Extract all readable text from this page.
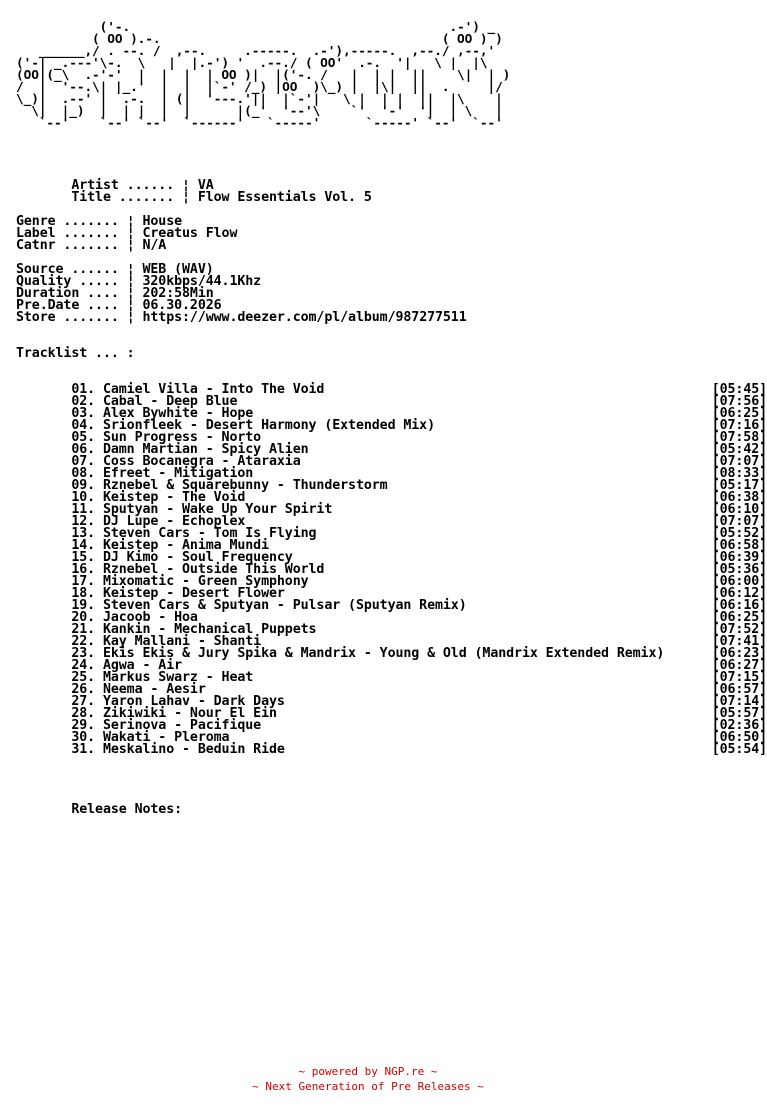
('-.                                          .-') _
( OO ).-.                                     ( OO ) )
______,/ . --. /  ,--.     .-----.  .-'),-----.  ,--./ ,--,'
('-| _.---'\-.  \   |  |.-') '  .--./ ( OO'  .-.  '|   \ |  |\
(OO|(_\  .-'-'  |  |  |  | OO )|  |('-. /   |  | |  ||    \|  | )
/  |  '--.\| |_.'  |  |  |`-' /_) |OO  )\_) |  |\|  ||  .     |/
\_)|  .--' |  .-.  | (|  '---.'||  |`-'|   \ |  | |  ||  |\    |
\|  |_)  |  | |  |  |      |(_'  '--'\    `'  '-'  '|  | \   |
`--'    `--' `--'  `------'   `-----'      `-----' `--'  `--'

Artist ...... ¦ VA
Title ....... ¦ Flow Essentials Vol. 5

Genre ....... ¦ House
Label ....... ¦ Creatus Flow
Catnr ....... ¦ N/A

Source ...... ¦ WEB (WAV)
Quality ..... ¦ 320kbps/44.1Khz
Duration .... ¦ 202:58Min
Pre.Date .... ¦ 06.30.2026
Store ....... ¦ https://www.deezer.com/pl/album/987277511

Tracklist ... :
01. Camiel Villa - Into The Void	[05:45]
02. Cabal - Deep Blue	[07:56]
03. Alex Bywhite - Hope	[06:25]
04. Srionfleek - Desert Harmony (Extended Mix)	[07:16]
05. Sun Progress - Norto	[07:58]
06. Damn Martian - Spicy Alien	[05:42]
07. Coss Bocanegra - Ataraxia	[07:07]
08. Efreet - Mitigation	[08:33]
09. Rznebel & Squarebunny - Thunderstorm	[05:17]
10. Keistep - The Void	[06:38]
11. Sputyan - Wake Up Your Spirit	[06:10]
12. DJ Lupe - Echoplex	[07:07]
13. Steven Cars - Tom Is Flying	[05:52]
14. Keistep - Anima Mundi	[06:58]
15. DJ Kimo - Soul Frequency	[06:39]
16. Rznebel - Outside This World	[05:36]
17. Mixomatic - Green Symphony	[06:00]
18. Keistep - Desert Flower	[06:12]
19. Steven Cars & Sputyan - Pulsar (Sputyan Remix)	[06:16]
20. Jacoob - Hoa	[06:25]
21. Kankin - Mechanical Puppets	[07:52]
22. Kay Mallani - Shanti	[07:41]
23. Ekis Ekis & Jury Spika & Mandrix - Young & Old (Mandrix Extended Remix)	[06:23]
24. Agwa - Air	[06:27]
25. Markus Swarz - Heat	[07:15]
26. Neema - Aesir	[06:57]
27. Yaron Lahav - Dark Days	[07:14]
28. Zikiwiki - Nour El Ein	[05:57]
29. Serinova - Pacifique	[02:36]
30. Wakati - Pleroma	[06:50]
31. Meskalino - Beduin Ride	[05:54]
Release Notes:
~ powered by NGP.re ~
~ Next Generation of Pre Releases ~
